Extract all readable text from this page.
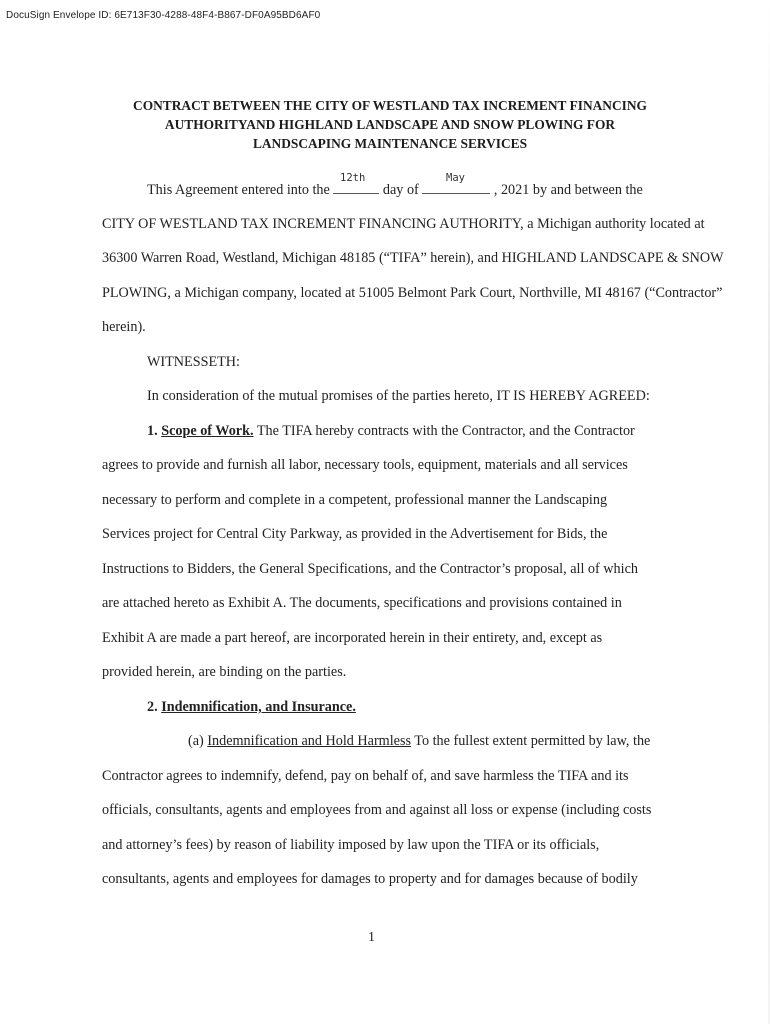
DocuSign Envelope ID: 6E713F30-4288-48F4-B867-DF0A95BD6AF0
CONTRACT BETWEEN THE CITY OF WESTLAND TAX INCREMENT FINANCING
AUTHORITYAND HIGHLAND LANDSCAPE AND SNOW PLOWING FOR
LANDSCAPING MAINTENANCE SERVICES
12th	May
This Agreement entered into the	day of	, 2021 by and between the
CITY OF WESTLAND TAX INCREMENT FINANCING AUTHORITY, a Michigan authority located at
36300 Warren Road, Westland, Michigan 48185 (“TIFA” herein), and HIGHLAND LANDSCAPE & SNOW
PLOWING, a Michigan company, located at 51005 Belmont Park Court, Northville, MI 48167 (“Contractor”
herein).
WITNESSETH:
In consideration of the mutual promises of the parties hereto, IT IS HEREBY AGREED:
1. Scope of Work. The TIFA hereby contracts with the Contractor, and the Contractor
agrees to provide and furnish all labor, necessary tools, equipment, materials and all services
necessary to perform and complete in a competent, professional manner the Landscaping
Services project for Central City Parkway, as provided in the Advertisement for Bids, the
Instructions to Bidders, the General Specifications, and the Contractor’s proposal, all of which
are attached hereto as Exhibit A. The documents, specifications and provisions contained in
Exhibit A are made a part hereof, are incorporated herein in their entirety, and, except as
provided herein, are binding on the parties.
2. Indemnification, and Insurance.
(a) Indemnification and Hold Harmless To the fullest extent permitted by law, the
Contractor agrees to indemnify, defend, pay on behalf of, and save harmless the TIFA and its
officials, consultants, agents and employees from and against all loss or expense (including costs
and attorney’s fees) by reason of liability imposed by law upon the TIFA or its officials,
consultants, agents and employees for damages to property and for damages because of bodily
1
